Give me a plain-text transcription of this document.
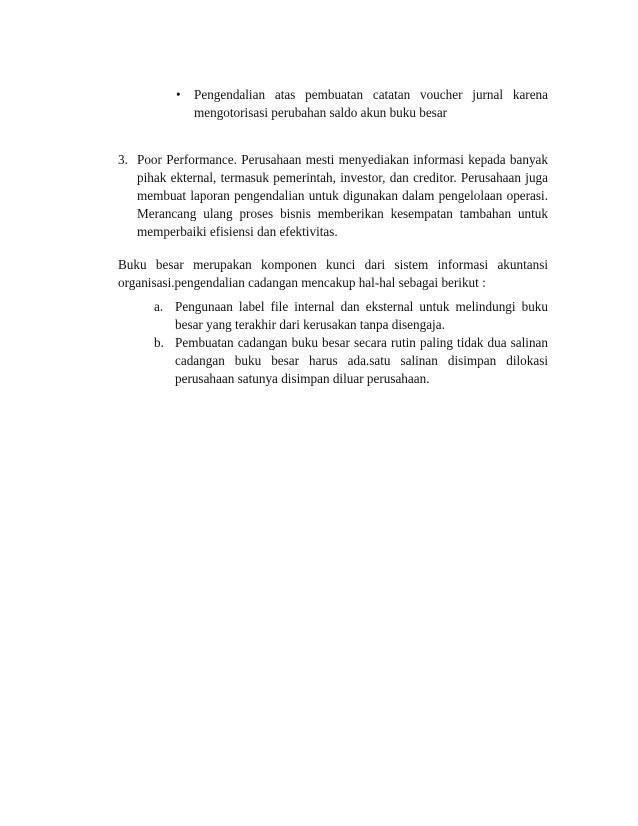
• Pengendalian atas pembuatan catatan voucher jurnal karena mengotorisasi perubahan saldo akun buku besar
3. Poor Performance. Perusahaan mesti menyediakan informasi kepada banyak pihak ekternal, termasuk pemerintah, investor, dan creditor. Perusahaan juga membuat laporan pengendalian untuk digunakan dalam pengelolaan operasi. Merancang ulang proses bisnis memberikan kesempatan tambahan untuk memperbaiki efisiensi dan efektivitas.
Buku besar merupakan komponen kunci dari sistem informasi akuntansi organisasi.pengendalian cadangan mencakup hal-hal sebagai berikut :
a. Pengunaan label file internal dan eksternal untuk melindungi buku besar yang terakhir dari kerusakan tanpa disengaja.
b. Pembuatan cadangan buku besar secara rutin paling tidak dua salinan cadangan buku besar harus ada.satu salinan disimpan dilokasi perusahaan satunya disimpan diluar perusahaan.
